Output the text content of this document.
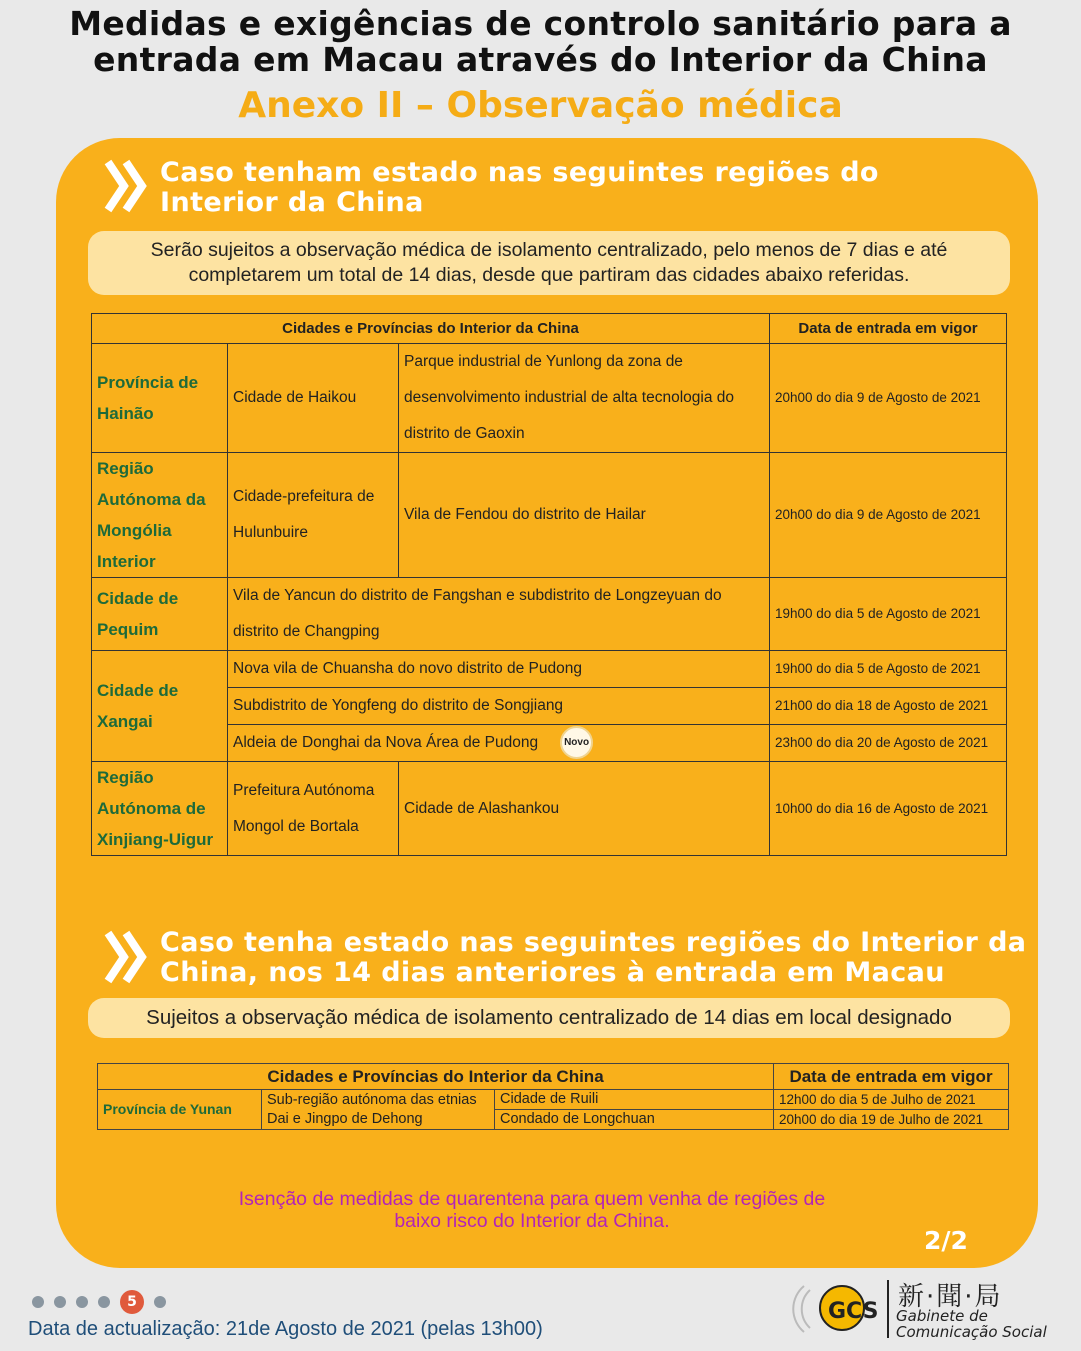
Medidas e exigências de controlo sanitário para a
entrada em Macau através do Interior da China
Anexo II – Observação médica
Caso tenham estado nas seguintes regiões do
Interior da China
Serão sujeitos a observação médica de isolamento centralizado, pelo menos de 7 dias e até
completarem um total de 14 dias, desde que partiram das cidades abaixo referidas.
Cidades e Províncias do Interior da China			Data de entrada em vigor
Província de Hainão	Cidade de Haikou	Parque industrial de Yunlong da zona de desenvolvimento industrial de alta tecnologia do distrito de Gaoxin	20h00 do dia 9 de Agosto de 2021
Região Autónoma da Mongólia Interior	Cidade-prefeitura de Hulunbuire	Vila de Fendou do distrito de Hailar	20h00 do dia 9 de Agosto de 2021
Cidade de Pequim	Vila de Yancun do distrito de Fangshan e subdistrito de Longzeyuan do distrito de Changping		19h00 do dia 5 de Agosto de 2021
Cidade de Xangai	Nova vila de Chuansha do novo distrito de Pudong		19h00 do dia 5 de Agosto de 2021
	Subdistrito de Yongfeng do distrito de Songjiang		21h00 do dia 18 de Agosto de 2021
	Aldeia de Donghai da Nova Área de Pudong Novo		23h00 do dia 20 de Agosto de 2021
Região Autónoma de Xinjiang-Uigur	Prefeitura Autónoma Mongol de Bortala	Cidade de Alashankou	10h00 do dia 16 de Agosto de 2021
Caso tenha estado nas seguintes regiões do Interior da
China, nos 14 dias anteriores à entrada em Macau
Sujeitos a observação médica de isolamento centralizado de 14 dias em local designado
Cidades e Províncias do Interior da China			Data de entrada em vigor
Província de Yunan	Sub-região autónoma das etnias Dai e Jingpo de Dehong	Cidade de Ruili	12h00 do dia 5 de Julho de 2021
		Condado de Longchuan	20h00 do dia 19 de Julho de 2021
Isenção de medidas de quarentena para quem venha de regiões de baixo risco do Interior da China.
2/2
5
Data de actualização: 21de Agosto de 2021 (pelas 13h00)
GCS 新·聞·局
Gabinete de
Comunicação Social
